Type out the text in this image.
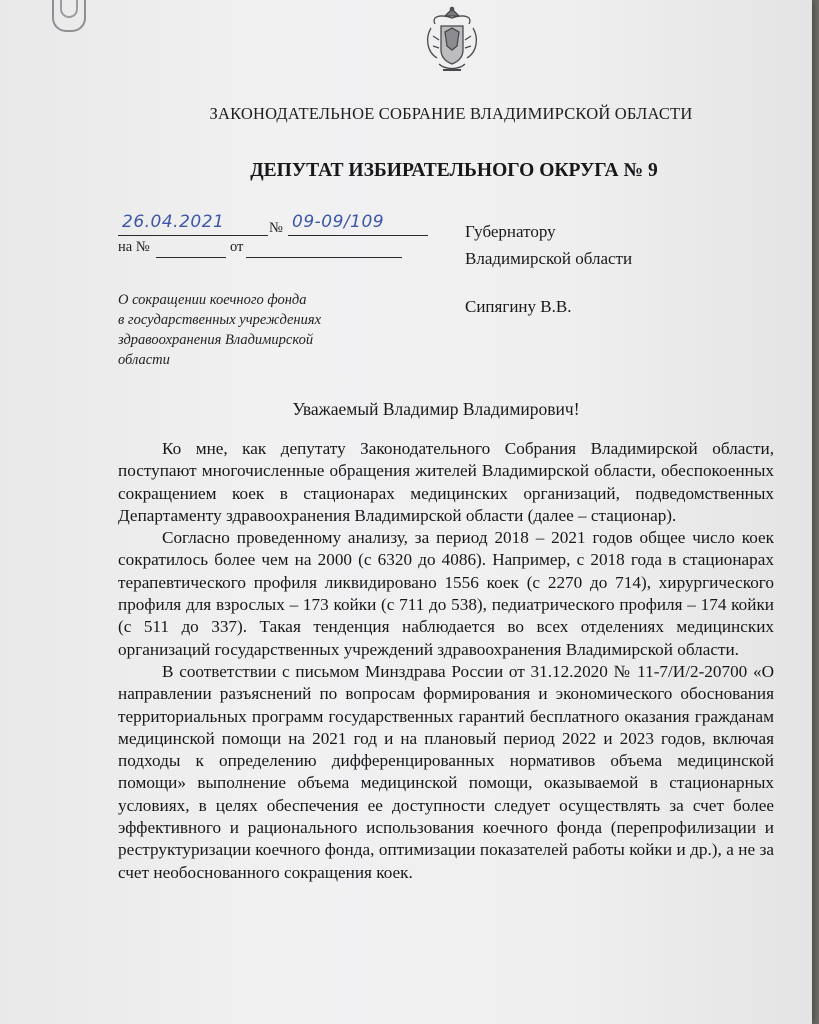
ЗАКОНОДАТЕЛЬНОЕ СОБРАНИЕ ВЛАДИМИРСКОЙ ОБЛАСТИ
ДЕПУТАТ ИЗБИРАТЕЛЬНОГО ОКРУГА № 9
26.04.2021	№ 09-09/109
на №	от
Губернатору
Владимирской области
Сипягину В.В.
О сокращении коечного фонда
в государственных учреждениях
здравоохранения Владимирской
области
Уважаемый Владимир Владимирович!

Ко мне, как депутату Законодательного Собрания Владимирской области, поступают многочисленные обращения жителей Владимирской области, обеспокоенных сокращением коек в стационарах медицинских организаций, подведомственных Департаменту здравоохранения Владимирской области (далее – стационар).

Согласно проведенному анализу, за период 2018 – 2021 годов общее число коек сократилось более чем на 2000 (с 6320 до 4086). Например, с 2018 года в стационарах терапевтического профиля ликвидировано 1556 коек (с 2270 до 714), хирургического профиля для взрослых – 173 койки (с 711 до 538), педиатрического профиля – 174 койки (с 511 до 337). Такая тенденция наблюдается во всех отделениях медицинских организаций государственных учреждений здравоохранения Владимирской области.

В соответствии с письмом Минздрава России от 31.12.2020 № 11-7/И/2-20700 «О направлении разъяснений по вопросам формирования и экономического обоснования территориальных программ государственных гарантий бесплатного оказания гражданам медицинской помощи на 2021 год и на плановый период 2022 и 2023 годов, включая подходы к определению дифференцированных нормативов объема медицинской помощи» выполнение объема медицинской помощи, оказываемой в стационарных условиях, в целях обеспечения ее доступности следует осуществлять за счет более эффективного и рационального использования коечного фонда (перепрофилизации и реструктуризации коечного фонда, оптимизации показателей работы койки и др.), а не за счет необоснованного сокращения коек.
